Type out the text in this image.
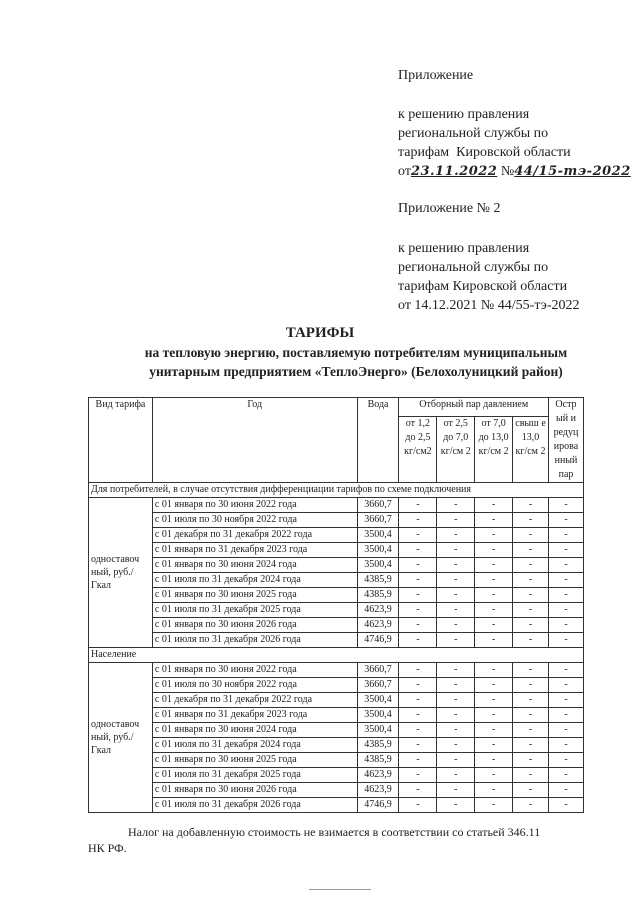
Приложение
к решению правления
региональной службы по
тарифам  Кировской области
от23.11.2022 №44/15-тэ-2022
Приложение № 2
к решению правления
региональной службы по
тарифам Кировской области
от 14.12.2021 № 44/55-тэ-2022
ТАРИФЫ
на тепловую энергию, поставляемую потребителям муниципальным
унитарным предприятием «ТеплоЭнерго» (Белохолуницкий район)
Вид тарифа	Год	Вода	Отборный пар давлением				Остр ый и редуц ирова нный пар
			от 1,2 до 2,5 кг/см2	от 2,5 до 7,0 кг/см 2	от 7,0 до 13,0 кг/см 2	свыш е 13,0 кг/см 2	
Для потребителей, в случае отсутствия дифференциации тарифов по схеме подключения							
одноставоч ный, руб./Гкал	с 01 января по 30 июня 2022 года	3660,7	-	-	-	-	-
	с 01 июля по 30 ноября 2022 года	3660,7	-	-	-	-	-
	с 01 декабря по 31 декабря 2022 года	3500,4	-	-	-	-	-
	с 01 января по 31 декабря 2023 года	3500,4	-	-	-	-	-
	с 01 января по 30 июня 2024 года	3500,4	-	-	-	-	-
	с 01 июля по 31 декабря 2024 года	4385,9	-	-	-	-	-
	с 01 января по 30 июня 2025 года	4385,9	-	-	-	-	-
	с 01 июля по 31 декабря 2025 года	4623,9	-	-	-	-	-
	с 01 января по 30 июня 2026 года	4623,9	-	-	-	-	-
	с 01 июля по 31 декабря 2026 года	4746,9	-	-	-	-	-
Население							
одноставоч ный, руб./Гкал	с 01 января по 30 июня 2022 года	3660,7	-	-	-	-	-
	с 01 июля по 30 ноября 2022 года	3660,7	-	-	-	-	-
	с 01 декабря по 31 декабря 2022 года	3500,4	-	-	-	-	-
	с 01 января по 31 декабря 2023 года	3500,4	-	-	-	-	-
	с 01 января по 30 июня 2024 года	3500,4	-	-	-	-	-
	с 01 июля по 31 декабря 2024 года	4385,9	-	-	-	-	-
	с 01 января по 30 июня 2025 года	4385,9	-	-	-	-	-
	с 01 июля по 31 декабря 2025 года	4623,9	-	-	-	-	-
	с 01 января по 30 июня 2026 года	4623,9	-	-	-	-	-
	с 01 июля по 31 декабря 2026 года	4746,9	-	-	-	-	-
Налог на добавленную стоимость не взимается в соответствии со статьей 346.11
НК РФ.
